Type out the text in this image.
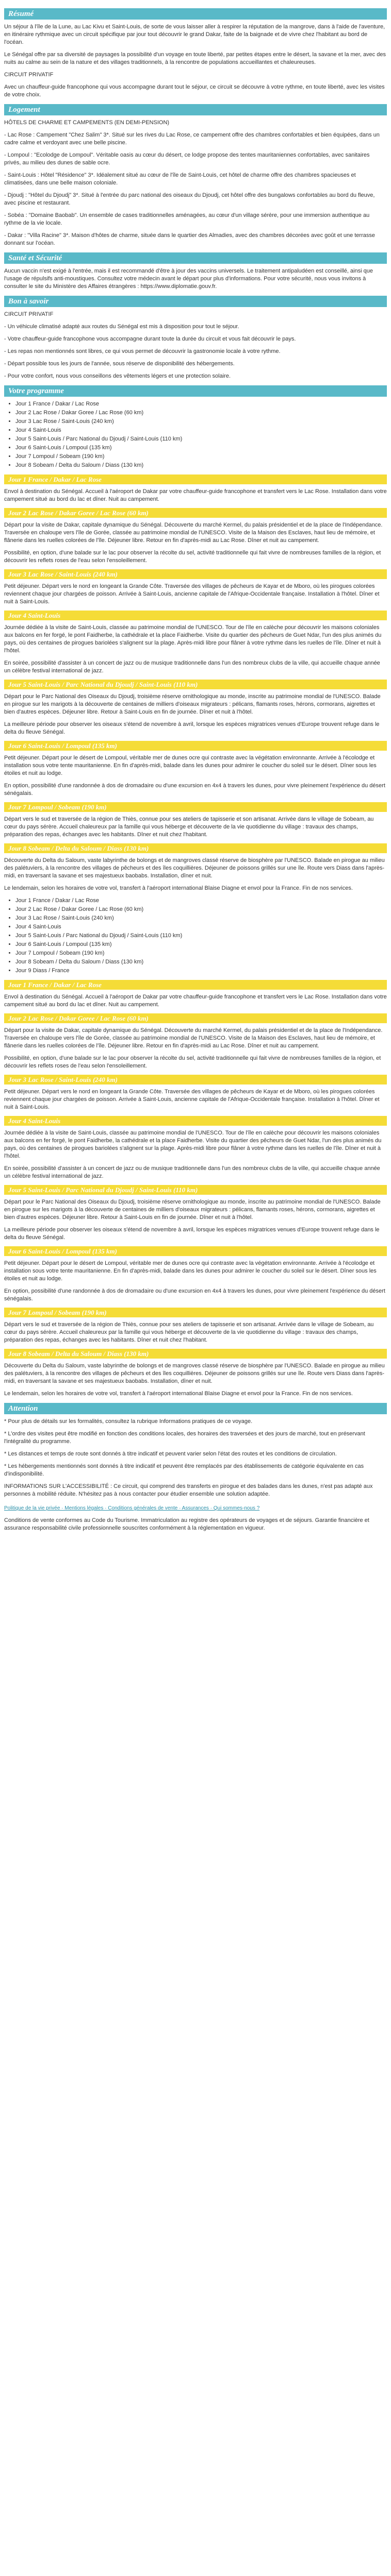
Résumé

Un séjour à l'île de la Lune, au Lac Kivu et Saint-Louis, de sorte de vous laisser aller à respirer la réputation de la mangrove, dans à l'aide de l'aventure, en itinéraire rythmique avec un circuit spécifique par jour tout découvrir le grand Dakar, faite de la baignade et de vivre chez l'habitant au bord de l'océan.

Le Sénégal offre par sa diversité de paysages la possibilité d'un voyage en toute liberté, par petites étapes entre le désert, la savane et la mer, avec des nuits au calme au sein de la nature et des villages traditionnels, à la rencontre de populations accueillantes et chaleureuses.

CIRCUIT PRIVATIF

Avec un chauffeur-guide francophone qui vous accompagne durant tout le séjour, ce circuit se découvre à votre rythme, en toute liberté, avec les visites de votre choix.

Logement

HÔTELS DE CHARME ET CAMPEMENTS (EN DEMI-PENSION)

- Lac Rose : Campement "Chez Salim" 3*. Situé sur les rives du Lac Rose, ce campement offre des chambres confortables et bien équipées, dans un cadre calme et verdoyant avec une belle piscine.

- Lompoul : "Ecolodge de Lompoul". Véritable oasis au cœur du désert, ce lodge propose des tentes mauritaniennes confortables, avec sanitaires privés, au milieu des dunes de sable ocre.

- Saint-Louis : Hôtel "Résidence" 3*. Idéalement situé au cœur de l'île de Saint-Louis, cet hôtel de charme offre des chambres spacieuses et climatisées, dans une belle maison coloniale.

- Djoudj : "Hôtel du Djoudj" 3*. Situé à l'entrée du parc national des oiseaux du Djoudj, cet hôtel offre des bungalows confortables au bord du fleuve, avec piscine et restaurant.

- Sobéa : "Domaine Baobab". Un ensemble de cases traditionnelles aménagées, au cœur d'un village sérère, pour une immersion authentique au rythme de la vie locale.

- Dakar : "Villa Racine" 3*. Maison d'hôtes de charme, située dans le quartier des Almadies, avec des chambres décorées avec goût et une terrasse donnant sur l'océan.

Santé et Sécurité

Aucun vaccin n'est exigé à l'entrée, mais il est recommandé d'être à jour des vaccins universels. Le traitement antipaludéen est conseillé, ainsi que l'usage de répulsifs anti-moustiques. Consultez votre médecin avant le départ pour plus d'informations. Pour votre sécurité, nous vous invitons à consulter le site du Ministère des Affaires étrangères : https://www.diplomatie.gouv.fr.

Bon à savoir

CIRCUIT PRIVATIF

- Un véhicule climatisé adapté aux routes du Sénégal est mis à disposition pour tout le séjour.

- Votre chauffeur-guide francophone vous accompagne durant toute la durée du circuit et vous fait découvrir le pays.

- Les repas non mentionnés sont libres, ce qui vous permet de découvrir la gastronomie locale à votre rythme.

- Départ possible tous les jours de l'année, sous réserve de disponibilité des hébergements.

- Pour votre confort, nous vous conseillons des vêtements légers et une protection solaire.

Votre programme
• Jour 1 France / Dakar / Lac Rose
• Jour 2 Lac Rose / Dakar Goree / Lac Rose (60 km)
• Jour 3 Lac Rose / Saint-Louis (240 km)
• Jour 4 Saint-Louis
• Jour 5 Saint-Louis / Parc National du Djoudj / Saint-Louis (110 km)
• Jour 6 Saint-Louis / Lompoul (135 km)
• Jour 7 Lompoul / Sobeam (190 km)
• Jour 8 Sobeam / Delta du Saloum / Diass (130 km)
Jour 1 France / Dakar / Lac Rose

Envol à destination du Sénégal. Accueil à l'aéroport de Dakar par votre chauffeur-guide francophone et transfert vers le Lac Rose. Installation dans votre campement situé au bord du lac et dîner. Nuit au campement.

Jour 2 Lac Rose / Dakar Goree / Lac Rose (60 km)

Départ pour la visite de Dakar, capitale dynamique du Sénégal. Découverte du marché Kermel, du palais présidentiel et de la place de l'Indépendance. Traversée en chaloupe vers l'île de Gorée, classée au patrimoine mondial de l'UNESCO. Visite de la Maison des Esclaves, haut lieu de mémoire, et flânerie dans les ruelles colorées de l'île. Déjeuner libre. Retour en fin d'après-midi au Lac Rose. Dîner et nuit au campement.

Possibilité, en option, d'une balade sur le lac pour observer la récolte du sel, activité traditionnelle qui fait vivre de nombreuses familles de la région, et découvrir les reflets roses de l'eau selon l'ensoleillement.

Jour 3 Lac Rose / Saint-Louis (240 km)

Petit déjeuner. Départ vers le nord en longeant la Grande Côte. Traversée des villages de pêcheurs de Kayar et de Mboro, où les pirogues colorées reviennent chaque jour chargées de poisson. Arrivée à Saint-Louis, ancienne capitale de l'Afrique-Occidentale française. Installation à l'hôtel. Dîner et nuit à Saint-Louis.

Jour 4 Saint-Louis

Journée dédiée à la visite de Saint-Louis, classée au patrimoine mondial de l'UNESCO. Tour de l'île en calèche pour découvrir les maisons coloniales aux balcons en fer forgé, le pont Faidherbe, la cathédrale et la place Faidherbe. Visite du quartier des pêcheurs de Guet Ndar, l'un des plus animés du pays, où des centaines de pirogues bariolées s'alignent sur la plage. Après-midi libre pour flâner à votre rythme dans les ruelles de l'île. Dîner et nuit à l'hôtel.

En soirée, possibilité d'assister à un concert de jazz ou de musique traditionnelle dans l'un des nombreux clubs de la ville, qui accueille chaque année un célèbre festival international de jazz.

Jour 5 Saint-Louis / Parc National du Djoudj / Saint-Louis (110 km)

Départ pour le Parc National des Oiseaux du Djoudj, troisième réserve ornithologique au monde, inscrite au patrimoine mondial de l'UNESCO. Balade en pirogue sur les marigots à la découverte de centaines de milliers d'oiseaux migrateurs : pélicans, flamants roses, hérons, cormorans, aigrettes et bien d'autres espèces. Déjeuner libre. Retour à Saint-Louis en fin de journée. Dîner et nuit à l'hôtel.

La meilleure période pour observer les oiseaux s'étend de novembre à avril, lorsque les espèces migratrices venues d'Europe trouvent refuge dans le delta du fleuve Sénégal.

Jour 6 Saint-Louis / Lompoul (135 km)

Petit déjeuner. Départ pour le désert de Lompoul, véritable mer de dunes ocre qui contraste avec la végétation environnante. Arrivée à l'écolodge et installation sous votre tente mauritanienne. En fin d'après-midi, balade dans les dunes pour admirer le coucher du soleil sur le désert. Dîner sous les étoiles et nuit au lodge.

En option, possibilité d'une randonnée à dos de dromadaire ou d'une excursion en 4x4 à travers les dunes, pour vivre pleinement l'expérience du désert sénégalais.

Jour 7 Lompoul / Sobeam (190 km)

Départ vers le sud et traversée de la région de Thiès, connue pour ses ateliers de tapisserie et son artisanat. Arrivée dans le village de Sobeam, au cœur du pays sérère. Accueil chaleureux par la famille qui vous héberge et découverte de la vie quotidienne du village : travaux des champs, préparation des repas, échanges avec les habitants. Dîner et nuit chez l'habitant.

Jour 8 Sobeam / Delta du Saloum / Diass (130 km)

Découverte du Delta du Saloum, vaste labyrinthe de bolongs et de mangroves classé réserve de biosphère par l'UNESCO. Balade en pirogue au milieu des palétuviers, à la rencontre des villages de pêcheurs et des îles coquillières. Déjeuner de poissons grillés sur une île. Route vers Diass dans l'après-midi, en traversant la savane et ses majestueux baobabs. Installation, dîner et nuit.

Le lendemain, selon les horaires de votre vol, transfert à l'aéroport international Blaise Diagne et envol pour la France. Fin de nos services.

• Jour 1 France / Dakar / Lac Rose
• Jour 2 Lac Rose / Dakar Goree / Lac Rose (60 km)
• Jour 3 Lac Rose / Saint-Louis (240 km)
• Jour 4 Saint-Louis
• Jour 5 Saint-Louis / Parc National du Djoudj / Saint-Louis (110 km)
• Jour 6 Saint-Louis / Lompoul (135 km)
• Jour 7 Lompoul / Sobeam (190 km)
• Jour 8 Sobeam / Delta du Saloum / Diass (130 km)
• Jour 9 Diass / France
Jour 1 France / Dakar / Lac Rose

Envol à destination du Sénégal. Accueil à l'aéroport de Dakar par votre chauffeur-guide francophone et transfert vers le Lac Rose. Installation dans votre campement situé au bord du lac et dîner. Nuit au campement.

Jour 2 Lac Rose / Dakar Goree / Lac Rose (60 km)

Départ pour la visite de Dakar, capitale dynamique du Sénégal. Découverte du marché Kermel, du palais présidentiel et de la place de l'Indépendance. Traversée en chaloupe vers l'île de Gorée, classée au patrimoine mondial de l'UNESCO. Visite de la Maison des Esclaves, haut lieu de mémoire, et flânerie dans les ruelles colorées de l'île. Déjeuner libre. Retour en fin d'après-midi au Lac Rose. Dîner et nuit au campement.

Possibilité, en option, d'une balade sur le lac pour observer la récolte du sel, activité traditionnelle qui fait vivre de nombreuses familles de la région, et découvrir les reflets roses de l'eau selon l'ensoleillement.

Jour 3 Lac Rose / Saint-Louis (240 km)

Petit déjeuner. Départ vers le nord en longeant la Grande Côte. Traversée des villages de pêcheurs de Kayar et de Mboro, où les pirogues colorées reviennent chaque jour chargées de poisson. Arrivée à Saint-Louis, ancienne capitale de l'Afrique-Occidentale française. Installation à l'hôtel. Dîner et nuit à Saint-Louis.

Jour 4 Saint-Louis

Journée dédiée à la visite de Saint-Louis, classée au patrimoine mondial de l'UNESCO. Tour de l'île en calèche pour découvrir les maisons coloniales aux balcons en fer forgé, le pont Faidherbe, la cathédrale et la place Faidherbe. Visite du quartier des pêcheurs de Guet Ndar, l'un des plus animés du pays, où des centaines de pirogues bariolées s'alignent sur la plage. Après-midi libre pour flâner à votre rythme dans les ruelles de l'île. Dîner et nuit à l'hôtel.

En soirée, possibilité d'assister à un concert de jazz ou de musique traditionnelle dans l'un des nombreux clubs de la ville, qui accueille chaque année un célèbre festival international de jazz.

Jour 5 Saint-Louis / Parc National du Djoudj / Saint-Louis (110 km)

Départ pour le Parc National des Oiseaux du Djoudj, troisième réserve ornithologique au monde, inscrite au patrimoine mondial de l'UNESCO. Balade en pirogue sur les marigots à la découverte de centaines de milliers d'oiseaux migrateurs : pélicans, flamants roses, hérons, cormorans, aigrettes et bien d'autres espèces. Déjeuner libre. Retour à Saint-Louis en fin de journée. Dîner et nuit à l'hôtel.

La meilleure période pour observer les oiseaux s'étend de novembre à avril, lorsque les espèces migratrices venues d'Europe trouvent refuge dans le delta du fleuve Sénégal.

Jour 6 Saint-Louis / Lompoul (135 km)

Petit déjeuner. Départ pour le désert de Lompoul, véritable mer de dunes ocre qui contraste avec la végétation environnante. Arrivée à l'écolodge et installation sous votre tente mauritanienne. En fin d'après-midi, balade dans les dunes pour admirer le coucher du soleil sur le désert. Dîner sous les étoiles et nuit au lodge.

En option, possibilité d'une randonnée à dos de dromadaire ou d'une excursion en 4x4 à travers les dunes, pour vivre pleinement l'expérience du désert sénégalais.

Jour 7 Lompoul / Sobeam (190 km)

Départ vers le sud et traversée de la région de Thiès, connue pour ses ateliers de tapisserie et son artisanat. Arrivée dans le village de Sobeam, au cœur du pays sérère. Accueil chaleureux par la famille qui vous héberge et découverte de la vie quotidienne du village : travaux des champs, préparation des repas, échanges avec les habitants. Dîner et nuit chez l'habitant.

Jour 8 Sobeam / Delta du Saloum / Diass (130 km)

Découverte du Delta du Saloum, vaste labyrinthe de bolongs et de mangroves classé réserve de biosphère par l'UNESCO. Balade en pirogue au milieu des palétuviers, à la rencontre des villages de pêcheurs et des îles coquillières. Déjeuner de poissons grillés sur une île. Route vers Diass dans l'après-midi, en traversant la savane et ses majestueux baobabs. Installation, dîner et nuit.

Le lendemain, selon les horaires de votre vol, transfert à l'aéroport international Blaise Diagne et envol pour la France. Fin de nos services.

Attention

* Pour plus de détails sur les formalités, consultez la rubrique Informations pratiques de ce voyage.

* L'ordre des visites peut être modifié en fonction des conditions locales, des horaires des traversées et des jours de marché, tout en préservant l'intégralité du programme.

* Les distances et temps de route sont donnés à titre indicatif et peuvent varier selon l'état des routes et les conditions de circulation.

* Les hébergements mentionnés sont donnés à titre indicatif et peuvent être remplacés par des établissements de catégorie équivalente en cas d'indisponibilité.

INFORMATIONS SUR L'ACCESSIBILITÉ : Ce circuit, qui comprend des transferts en pirogue et des balades dans les dunes, n'est pas adapté aux personnes à mobilité réduite. N'hésitez pas à nous contacter pour étudier ensemble une solution adaptée.

Politique de la vie privée · Mentions légales · Conditions générales de vente · Assurances · Qui sommes-nous ?

Conditions de vente conformes au Code du Tourisme. Immatriculation au registre des opérateurs de voyages et de séjours. Garantie financière et assurance responsabilité civile professionnelle souscrites conformément à la réglementation en vigueur.
